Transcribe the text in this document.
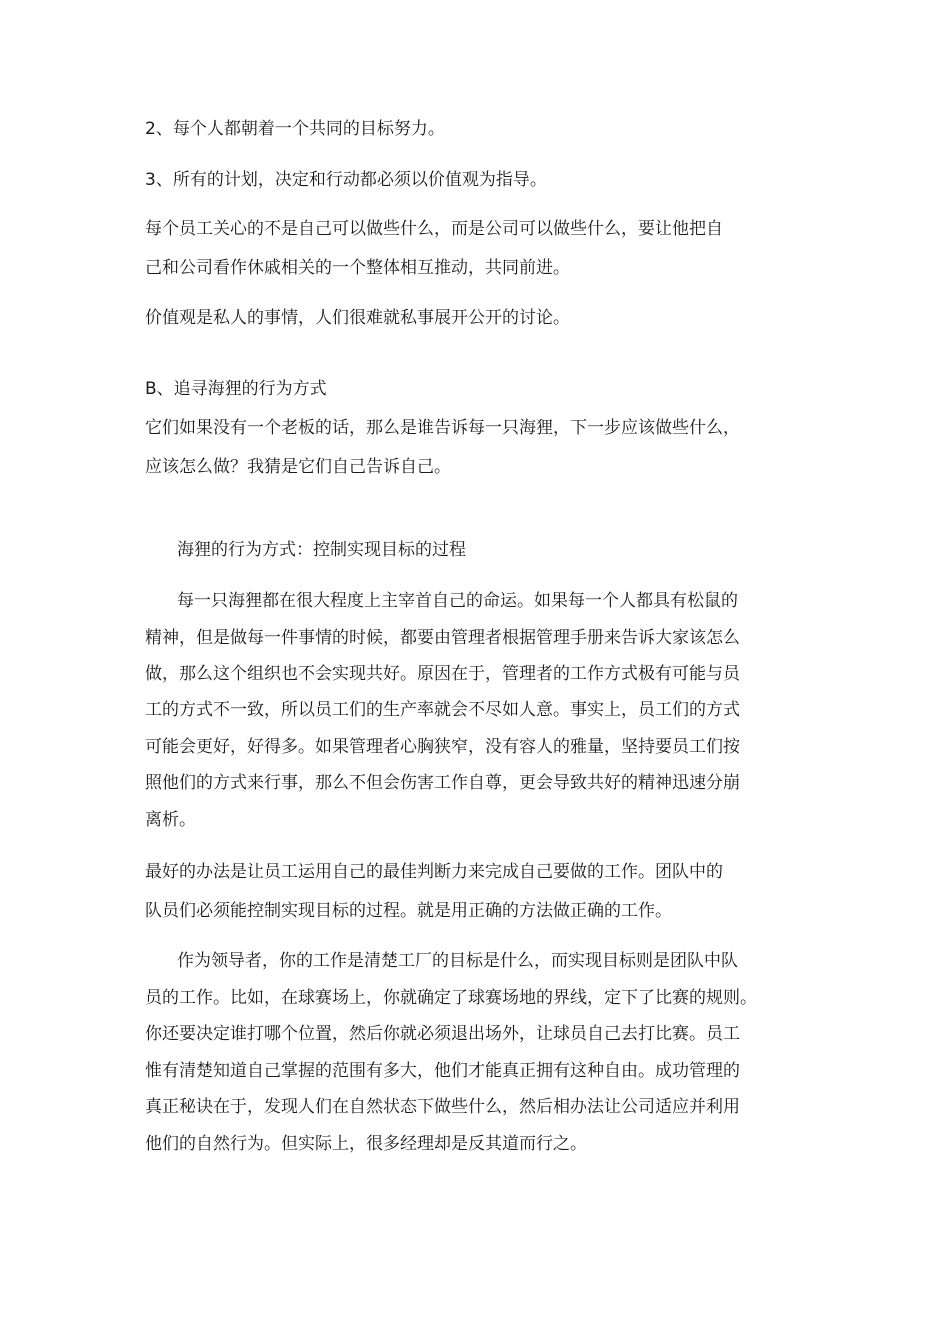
2、每个人都朝着一个共同的目标努力。
3、所有的计划，决定和行动都必须以价值观为指导。
每个员工关心的不是自己可以做些什么，而是公司可以做些什么，要让他把自
己和公司看作休戚相关的一个整体相互推动，共同前进。
价值观是私人的事情，人们很难就私事展开公开的讨论。
B、追寻海狸的行为方式
它们如果没有一个老板的话，那么是谁告诉每一只海狸，下一步应该做些什么，
应该怎么做？我猜是它们自己告诉自己。
海狸的行为方式：控制实现目标的过程
每一只海狸都在很大程度上主宰首自己的命运。如果每一个人都具有松鼠的
精神，但是做每一件事情的时候，都要由管理者根据管理手册来告诉大家该怎么
做，那么这个组织也不会实现共好。原因在于，管理者的工作方式极有可能与员
工的方式不一致，所以员工们的生产率就会不尽如人意。事实上，员工们的方式
可能会更好，好得多。如果管理者心胸狭窄，没有容人的雅量，坚持要员工们按
照他们的方式来行事，那么不但会伤害工作自尊，更会导致共好的精神迅速分崩
离析。
最好的办法是让员工运用自己的最佳判断力来完成自己要做的工作。团队中的
队员们必须能控制实现目标的过程。就是用正确的方法做正确的工作。
作为领导者，你的工作是清楚工厂的目标是什么，而实现目标则是团队中队
员的工作。比如，在球赛场上，你就确定了球赛场地的界线，定下了比赛的规则。
你还要决定谁打哪个位置，然后你就必须退出场外，让球员自己去打比赛。员工
惟有清楚知道自己掌握的范围有多大，他们才能真正拥有这种自由。成功管理的
真正秘诀在于，发现人们在自然状态下做些什么，然后相办法让公司适应并利用
他们的自然行为。但实际上，很多经理却是反其道而行之。
